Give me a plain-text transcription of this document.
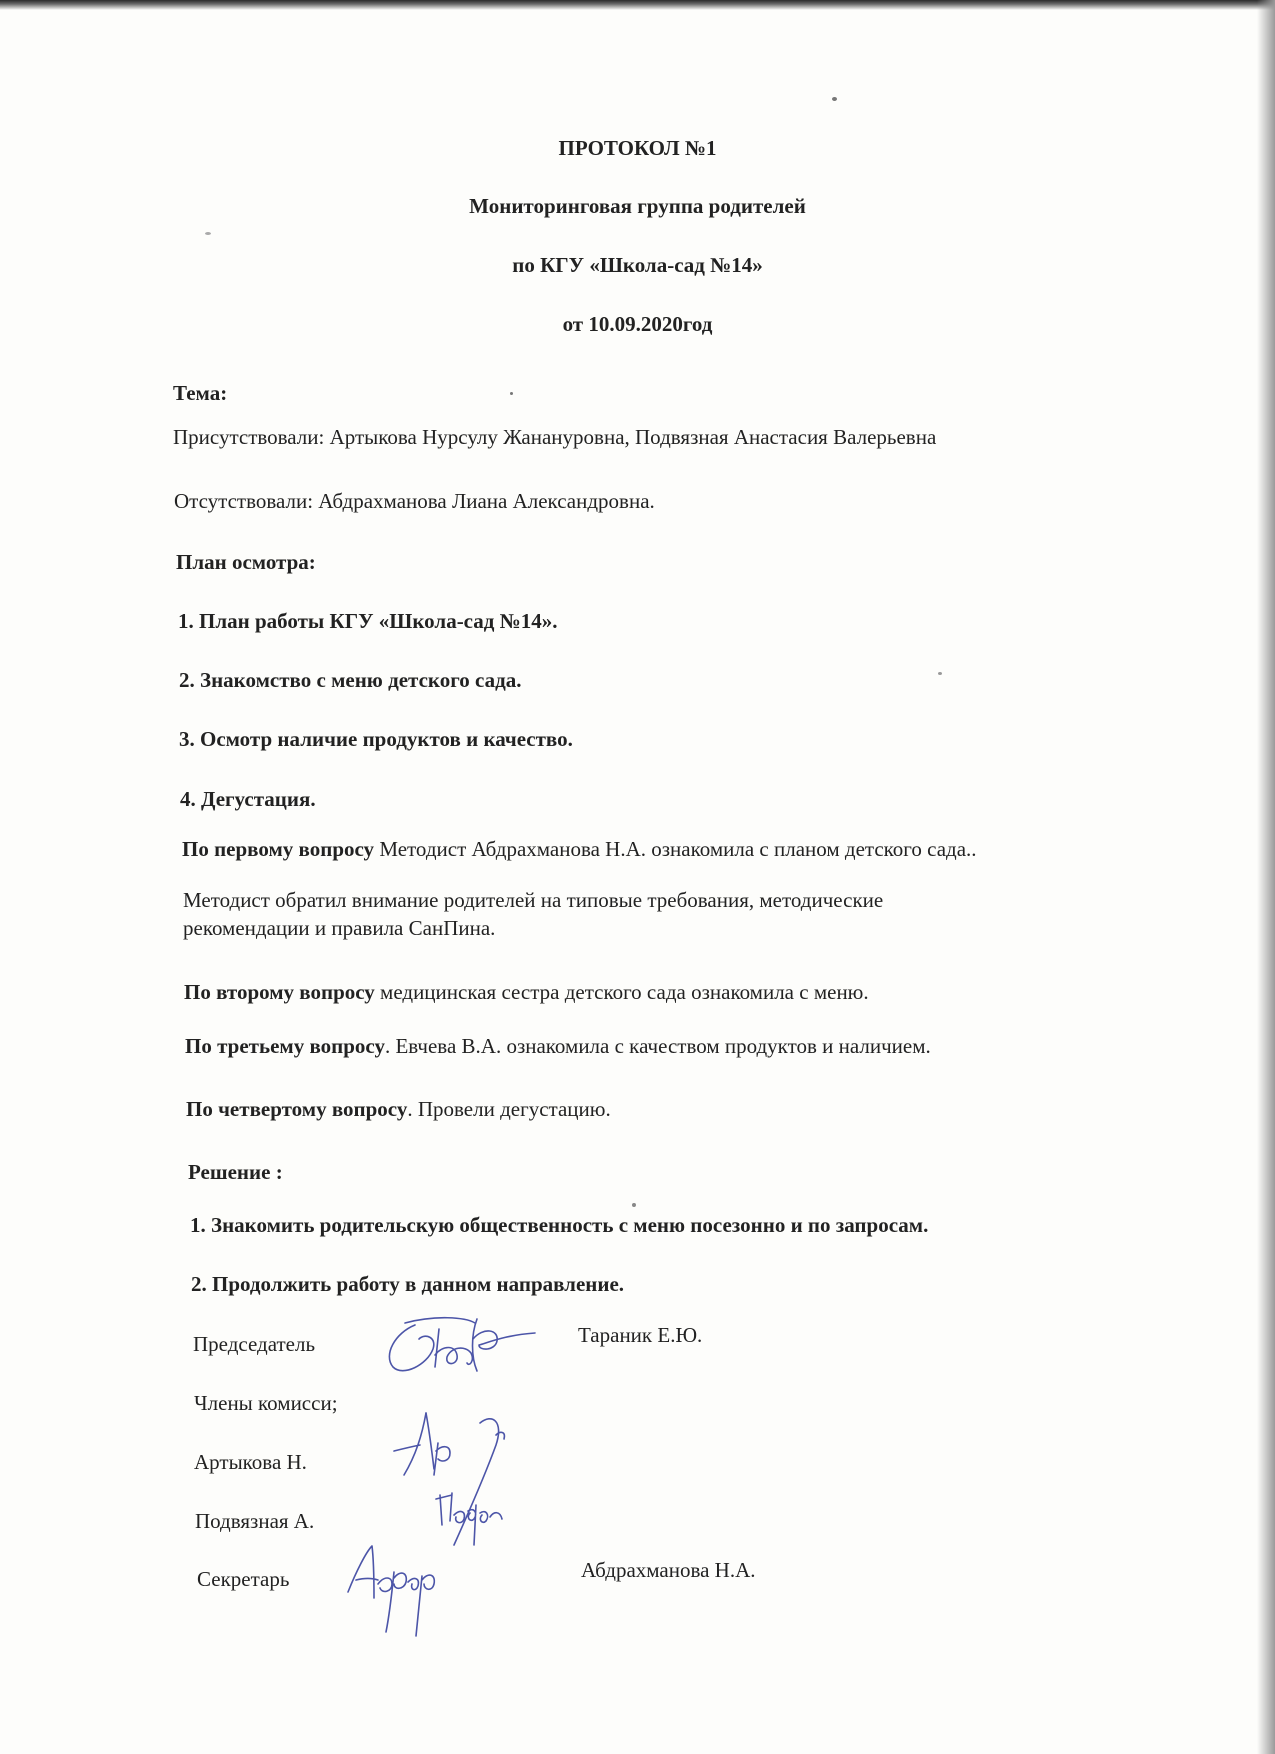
ПРОТОКОЛ №1
Мониторинговая группа родителей
по КГУ «Школа-сад №14»
от 10.09.2020год
Тема:
Присутствовали: Артыкова Нурсулу Жанануровна, Подвязная Анастасия Валерьевна
Отсутствовали: Абдрахманова Лиана Александровна.
План осмотра:
1. План работы КГУ «Школа-сад №14».
2. Знакомство с меню детского сада.
3. Осмотр наличие продуктов и качество.
4. Дегустация.
По первому вопросу Методист Абдрахманова Н.А. ознакомила с планом детского сада..
Методист обратил внимание родителей на типовые требования, методические
рекомендации и правила СанПина.
По второму вопросу медицинская сестра детского сада ознакомила с меню.
По третьему вопросу. Евчева В.А. ознакомила с качеством продуктов и наличием.
По четвертому вопросу. Провели дегустацию.
Решение :
1. Знакомить родительскую общественность с меню посезонно и по запросам.
2. Продолжить работу в данном направление.
Председатель	Тараник Е.Ю.
Члены комисси;
Артыкова Н.
Подвязная А.
Секретарь	Абдрахманова Н.А.
